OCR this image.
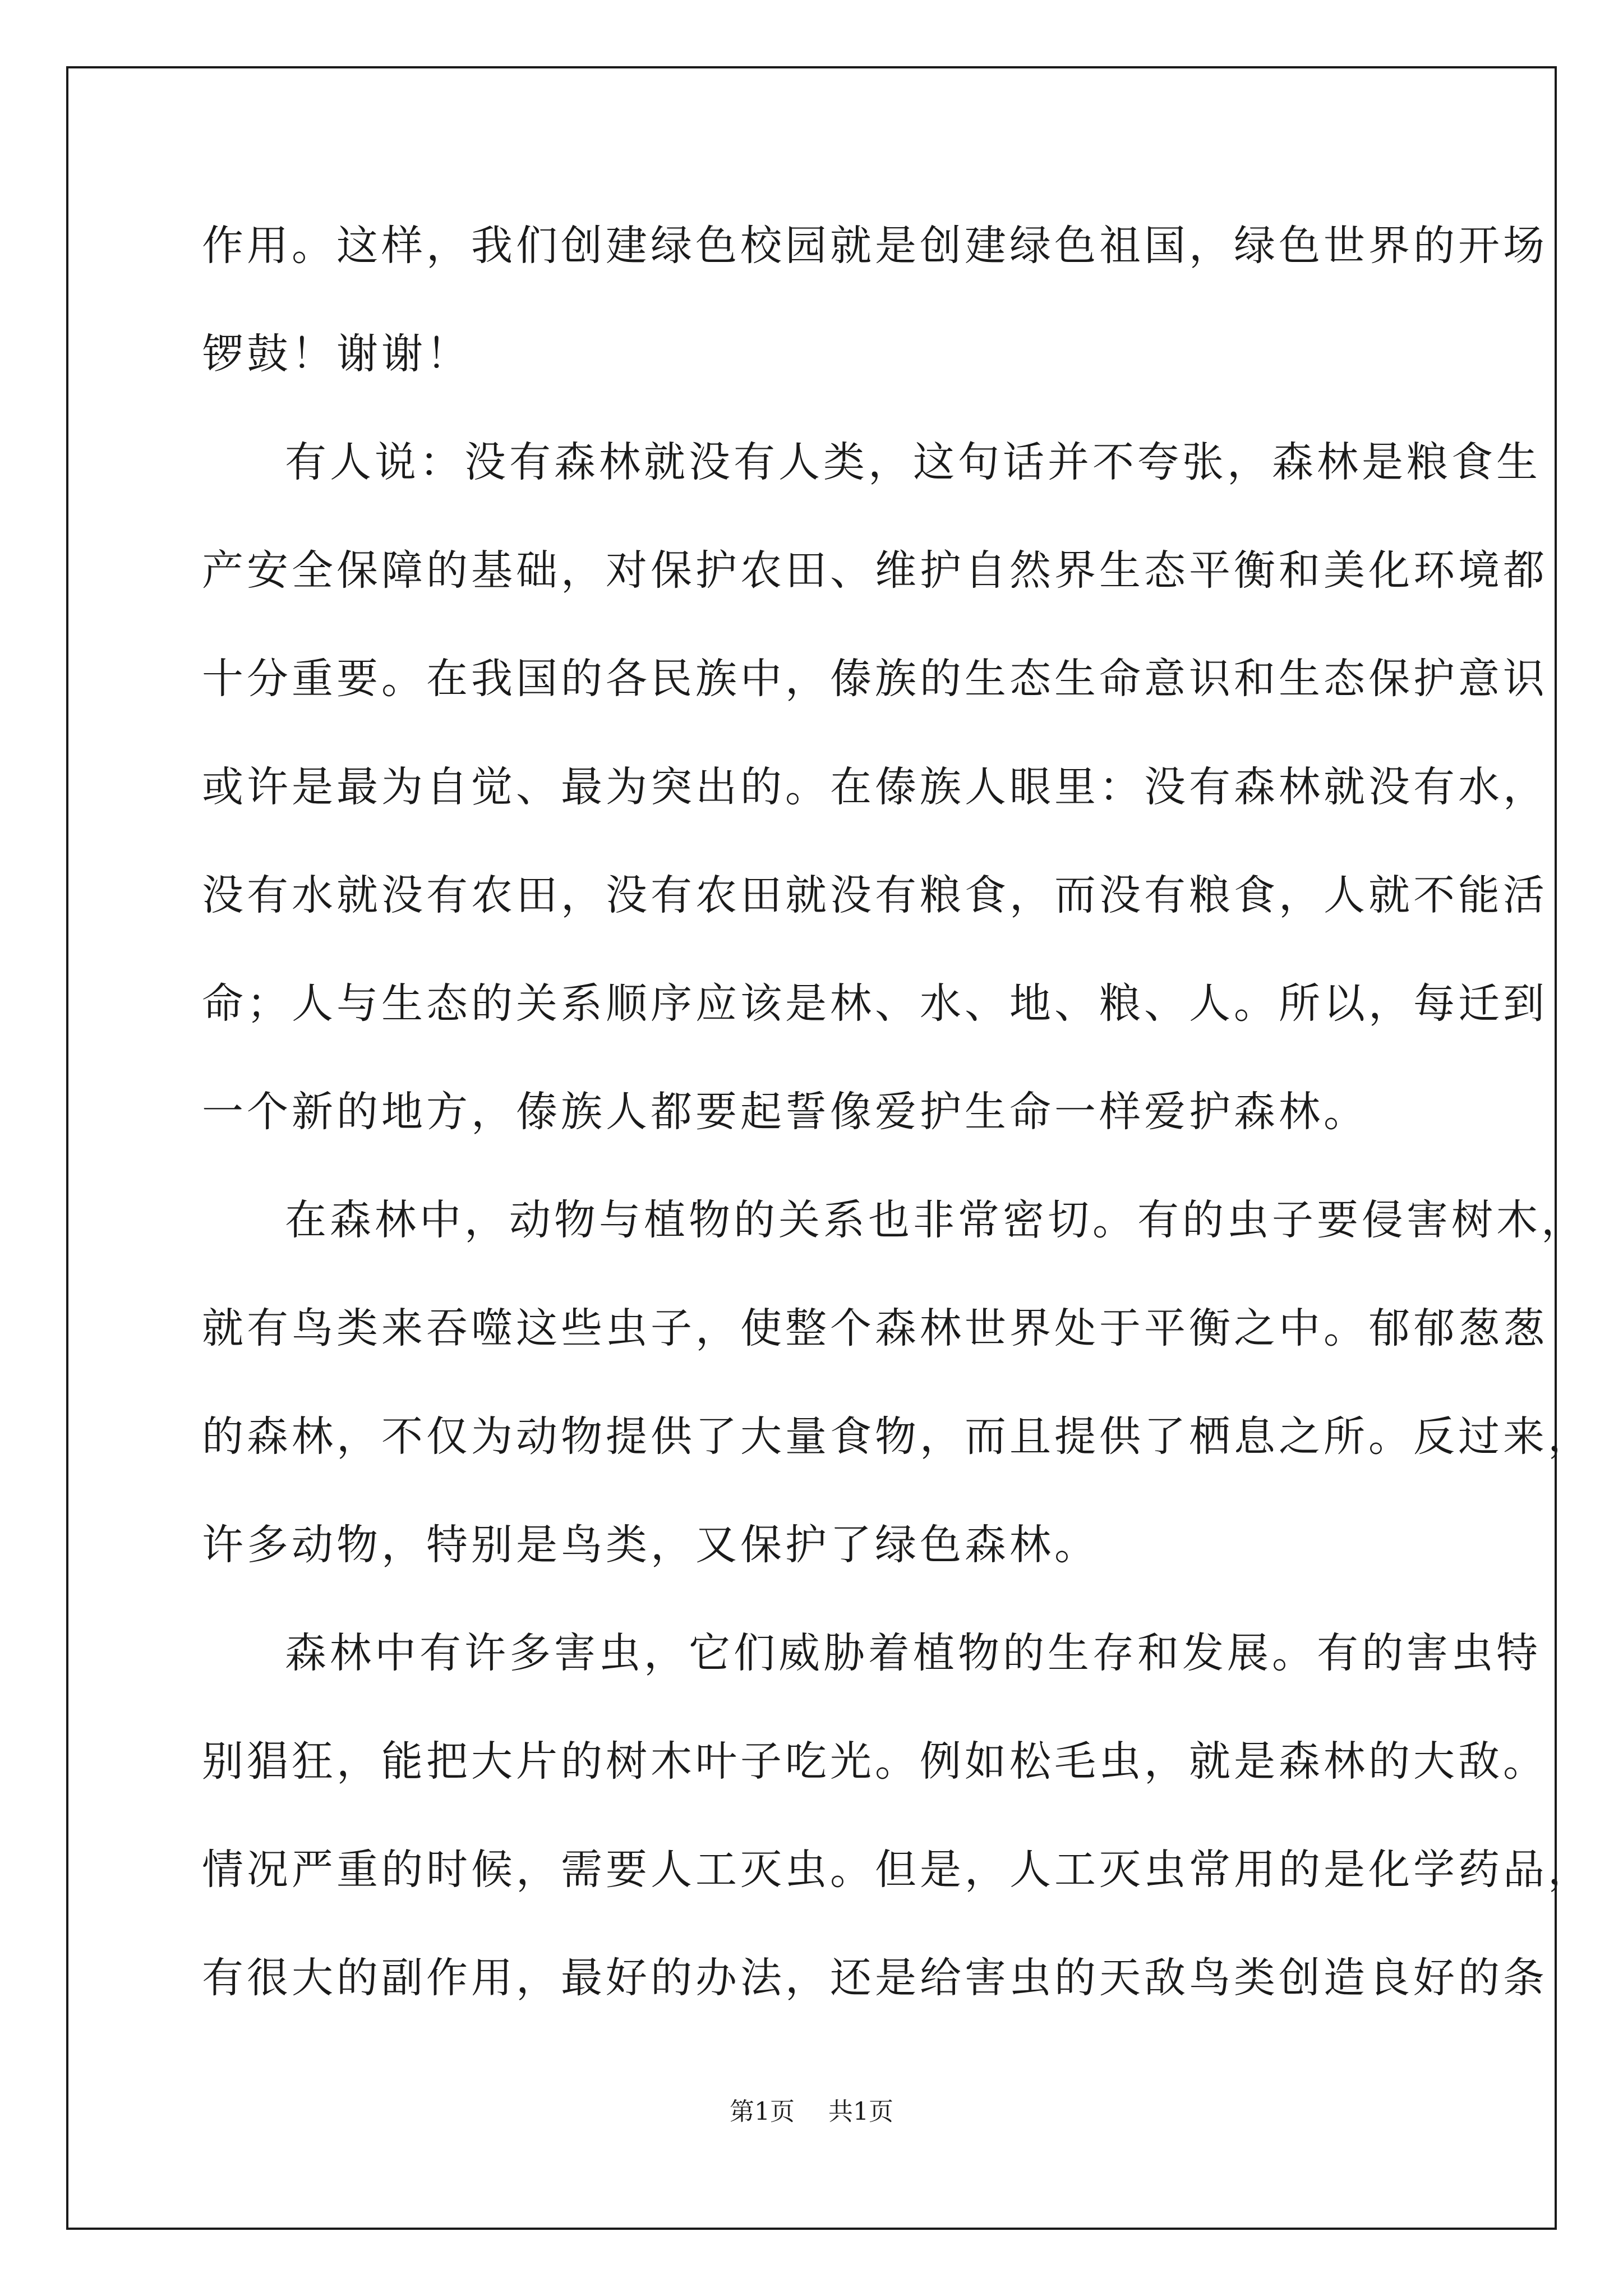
作用。这样，我们创建绿色校园就是创建绿色祖国，绿色世界的开场
锣鼓！谢谢！
有人说：没有森林就没有人类，这句话并不夸张，森林是粮食生
产安全保障的基础，对保护农田、维护自然界生态平衡和美化环境都
十分重要。在我国的各民族中，傣族的生态生命意识和生态保护意识
或许是最为自觉、最为突出的。在傣族人眼里：没有森林就没有水，
没有水就没有农田，没有农田就没有粮食，而没有粮食，人就不能活
命；人与生态的关系顺序应该是林、水、地、粮、人。所以，每迁到
一个新的地方，傣族人都要起誓像爱护生命一样爱护森林。
在森林中，动物与植物的关系也非常密切。有的虫子要侵害树木，
就有鸟类来吞噬这些虫子，使整个森林世界处于平衡之中。郁郁葱葱
的森林，不仅为动物提供了大量食物，而且提供了栖息之所。反过来，
许多动物，特别是鸟类，又保护了绿色森林。
森林中有许多害虫，它们威胁着植物的生存和发展。有的害虫特
别猖狂，能把大片的树木叶子吃光。例如松毛虫，就是森林的大敌。
情况严重的时候，需要人工灭虫。但是，人工灭虫常用的是化学药品，
有很大的副作用，最好的办法，还是给害虫的天敌鸟类创造良好的条
第1页 共1页
